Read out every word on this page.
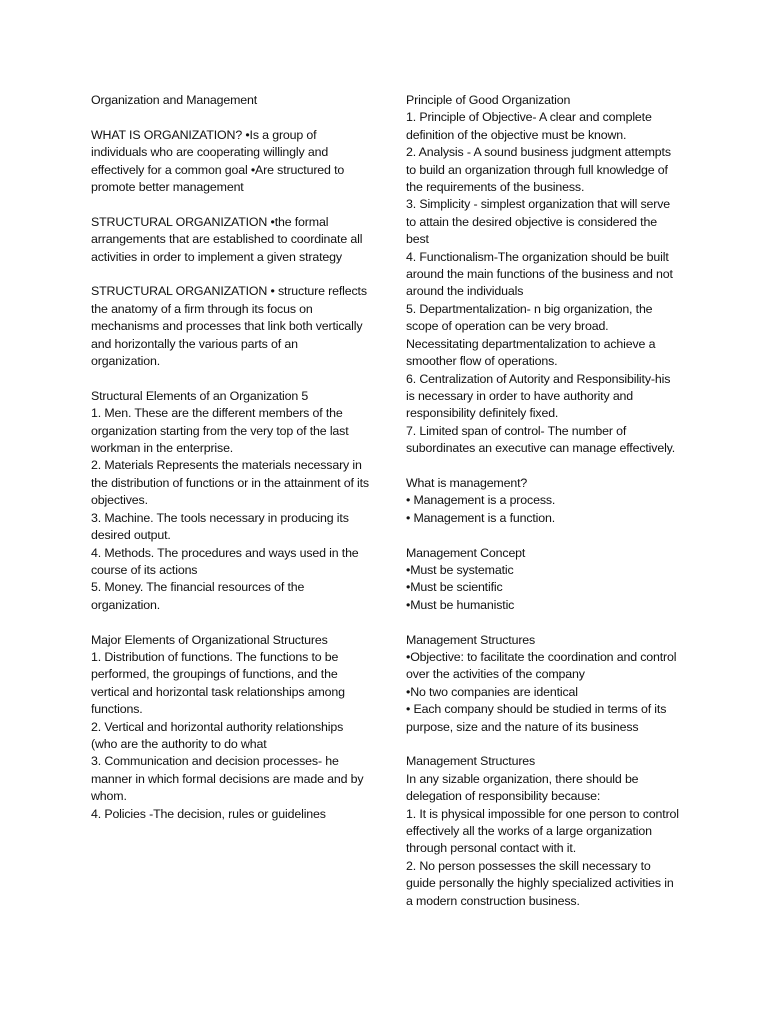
Organization and Management

WHAT IS ORGANIZATION? •Is a group of individuals who are cooperating willingly and effectively for a common goal •Are structured to promote better management

STRUCTURAL ORGANIZATION •the formal arrangements that are established to coordinate all activities in order to implement a given strategy

STRUCTURAL ORGANIZATION • structure reflects the anatomy of a firm through its focus on mechanisms and processes that link both vertically and horizontally the various parts of an organization.

Structural Elements of an Organization 5

1. Men. These are the different members of the organization starting from the very top of the last workman in the enterprise.

2. Materials Represents the materials necessary in the distribution of functions or in the attainment of its objectives.

3. Machine. The tools necessary in producing its desired output.

4. Methods. The procedures and ways used in the course of its actions

5. Money. The financial resources of the organization.

Major Elements of Organizational Structures

1. Distribution of functions. The functions to be performed, the groupings of functions, and the vertical and horizontal task relationships among functions.

2. Vertical and horizontal authority relationships (who are the authority to do what

3. Communication and decision processes- he manner in which formal decisions are made and by whom.

4. Policies -The decision, rules or guidelines

Principle of Good Organization

1. Principle of Objective- A clear and complete definition of the objective must be known.

2. Analysis - A sound business judgment attempts to build an organization through full knowledge of the requirements of the business.

3. Simplicity - simplest organization that will serve to attain the desired objective is considered the best

4. Functionalism-The organization should be built around the main functions of the business and not around the individuals

5. Departmentalization- n big organization, the scope of operation can be very broad. Necessitating departmentalization to achieve a smoother flow of operations.

6. Centralization of Autority and Responsibility-his is necessary in order to have authority and responsibility definitely fixed.

7. Limited span of control- The number of subordinates an executive can manage effectively.

What is management?

• Management is a process.

• Management is a function.

Management Concept

•Must be systematic

•Must be scientific

•Must be humanistic

Management Structures

•Objective: to facilitate the coordination and control over the activities of the company

•No two companies are identical

• Each company should be studied in terms of its purpose, size and the nature of its business

Management Structures

In any sizable organization, there should be delegation of responsibility because:

1. It is physical impossible for one person to control effectively all the works of a large organization through personal contact with it.

2. No person possesses the skill necessary to guide personally the highly specialized activities in a modern construction business.
